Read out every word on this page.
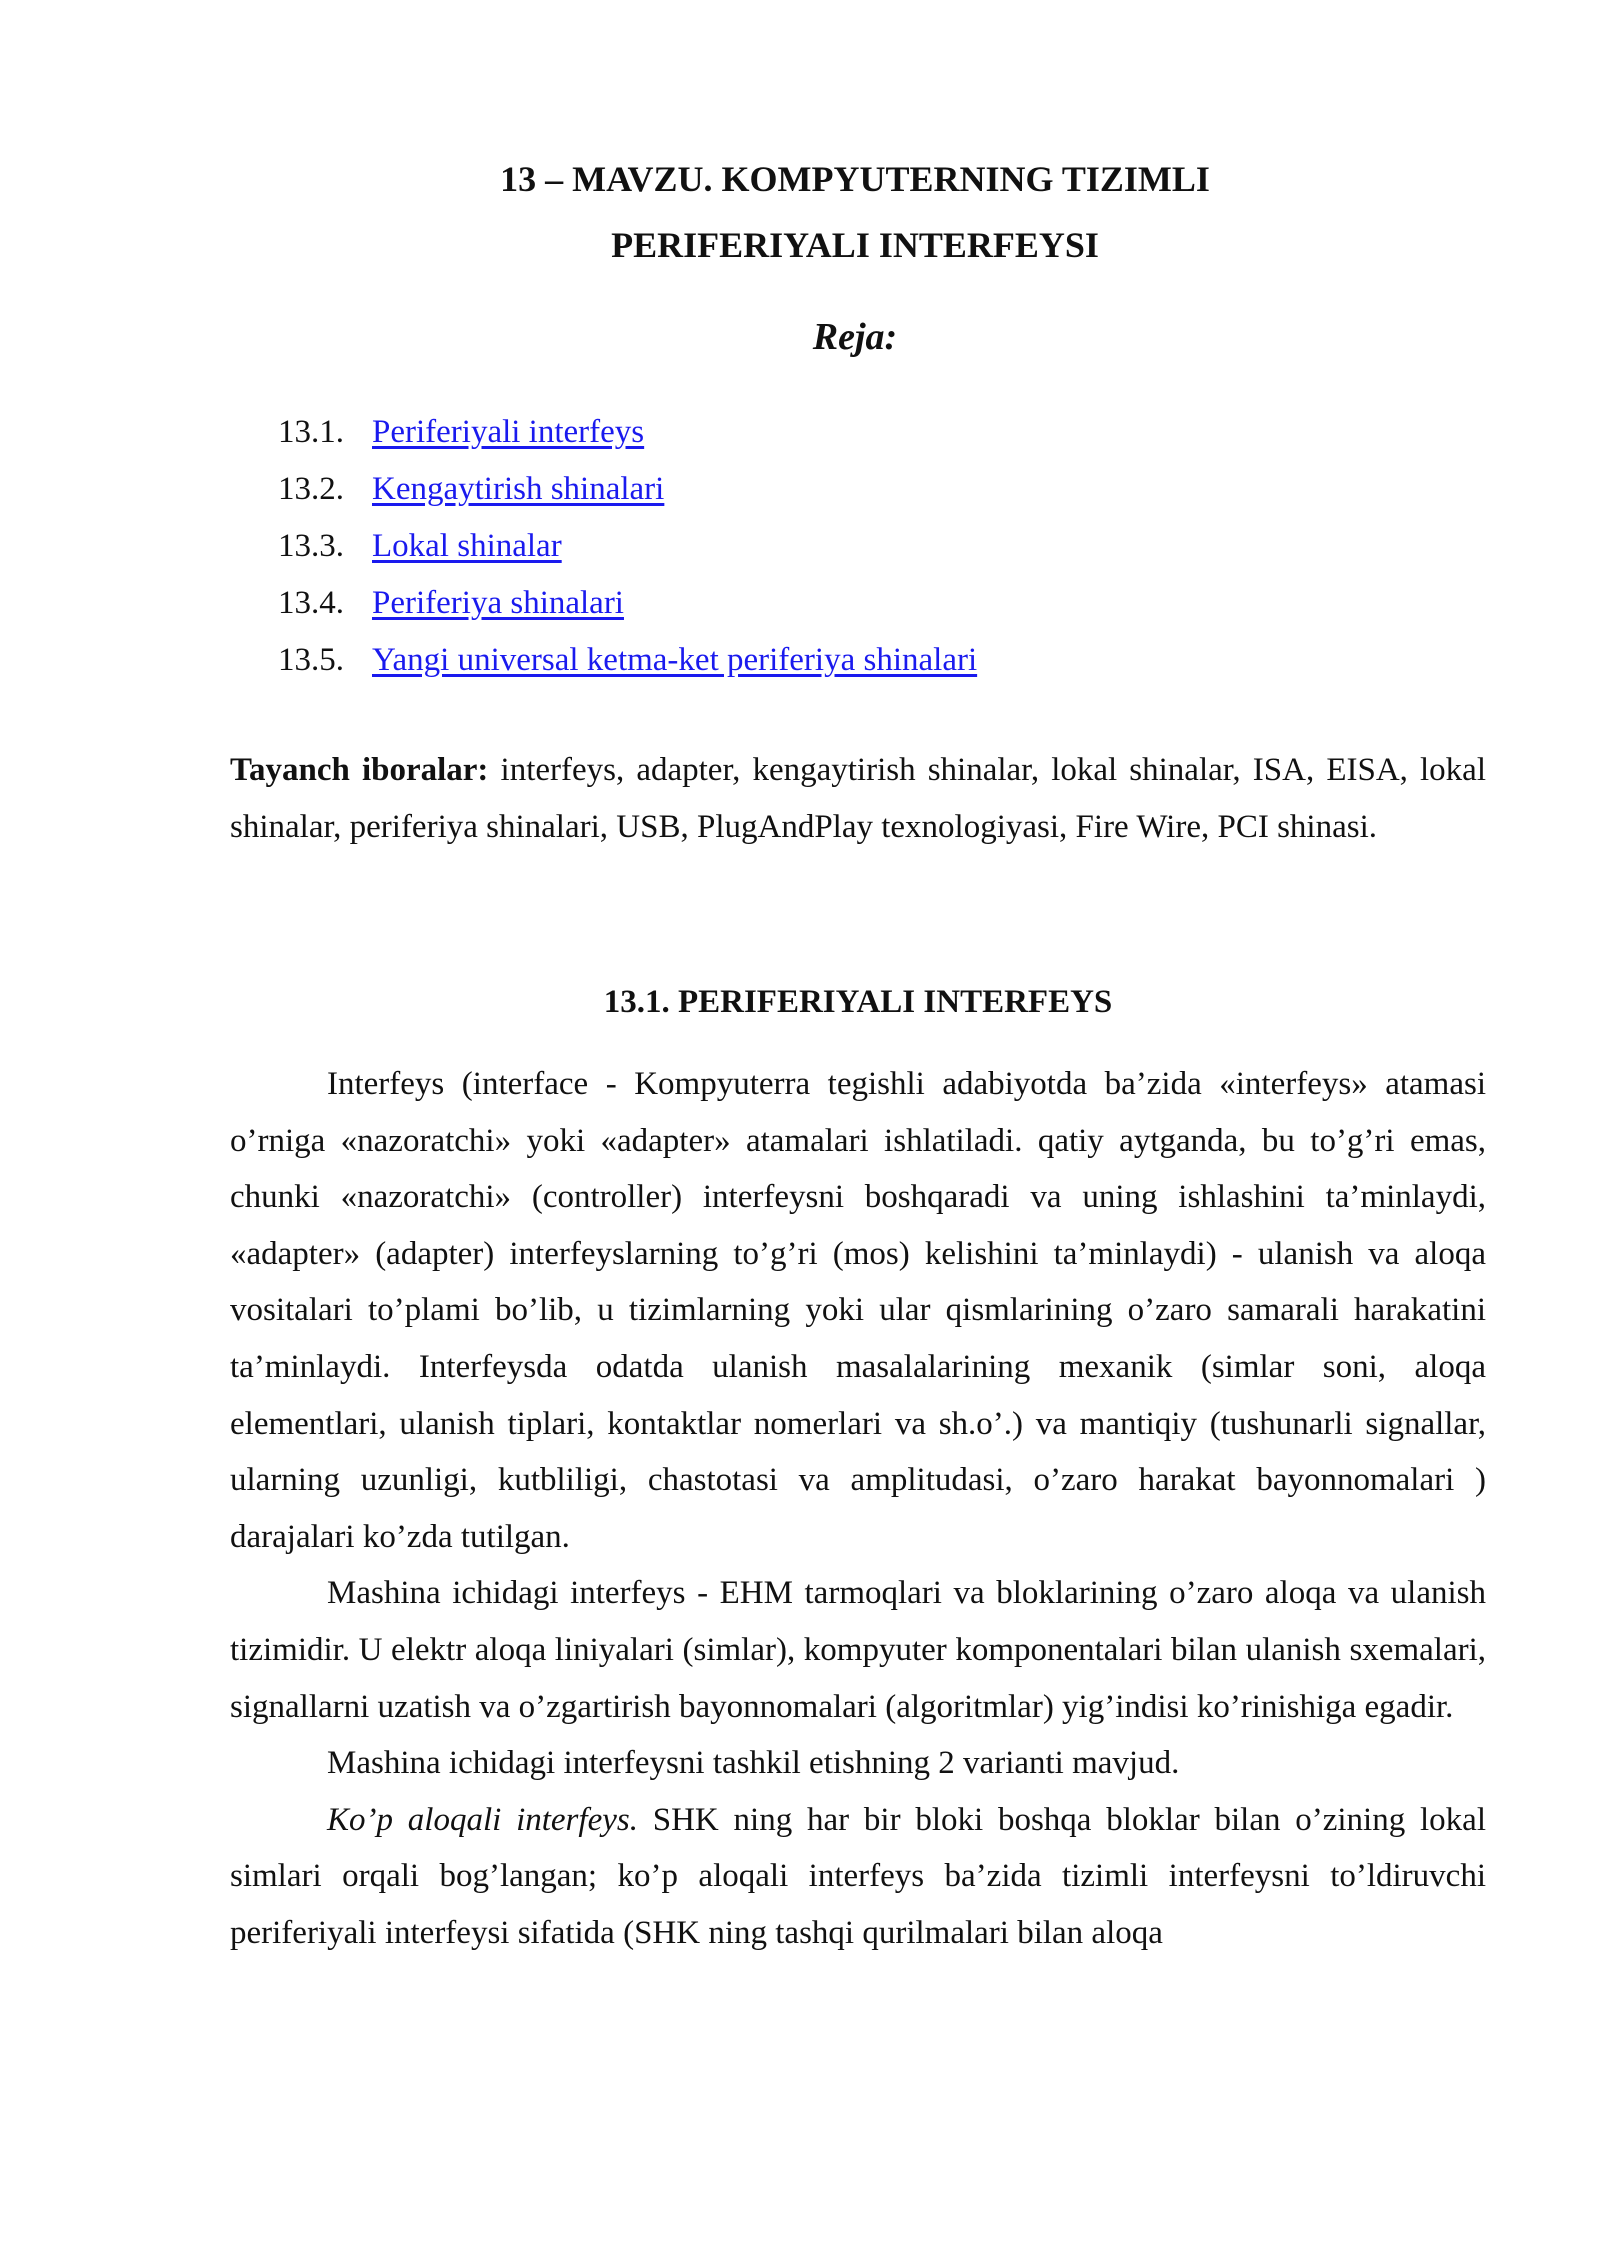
13 – MAVZU. KOMPYUTERNING TIZIMLI
PERIFERIYALI INTERFEYSI
Reja:
13.1. Periferiyali interfeys
13.2. Kengaytirish shinalari
13.3. Lokal shinalar
13.4. Periferiya shinalari
13.5. Yangi universal ketma-ket periferiya shinalari
Tayanch iboralar: interfeys, adapter, kengaytirish shinalar, lokal shinalar, ISA, EISA, lokal shinalar, periferiya shinalari, USB, PlugAndPlay texnologiyasi, Fire Wire, PCI shinasi.
13.1. PERIFERIYALI INTERFEYS

Interfeys (interface - Kompyuterra tegishli adabiyotda ba’zida «interfeys» atamasi o’rniga «nazoratchi» yoki «adapter» atamalari ishlatiladi. qatiy aytganda, bu to’g’ri emas, chunki «nazoratchi» (controller) interfeysni boshqaradi va uning ishlashini ta’minlaydi, «adapter» (adapter) interfeyslarning to’g’ri (mos) kelishini ta’minlaydi) - ulanish va aloqa vositalari to’plami bo’lib, u tizimlarning yoki ular qismlarining o’zaro samarali harakatini ta’minlaydi. Interfeysda odatda ulanish masalalarining mexanik (simlar soni, aloqa elementlari, ulanish tiplari, kontaktlar nomerlari va sh.o’.) va mantiqiy (tushunarli signallar, ularning uzunligi, kutbliligi, chastotasi va amplitudasi, o’zaro harakat bayonnomalari ) darajalari ko’zda tutilgan.

Mashina ichidagi interfeys - EHM tarmoqlari va bloklarining o’zaro aloqa va ulanish tizimidir. U elektr aloqa liniyalari (simlar), kompyuter komponentalari bilan ulanish sxemalari, signallarni uzatish va o’zgartirish bayonnomalari (algoritmlar) yig’indisi ko’rinishiga egadir.

Mashina ichidagi interfeysni tashkil etishning 2 varianti mavjud.

Ko’p aloqali interfeys. SHK ning har bir bloki boshqa bloklar bilan o’zining lokal simlari orqali bog’langan; ko’p aloqali interfeys ba’zida tizimli interfeysni to’ldiruvchi periferiyali interfeysi sifatida (SHK ning tashqi qurilmalari bilan aloqa
